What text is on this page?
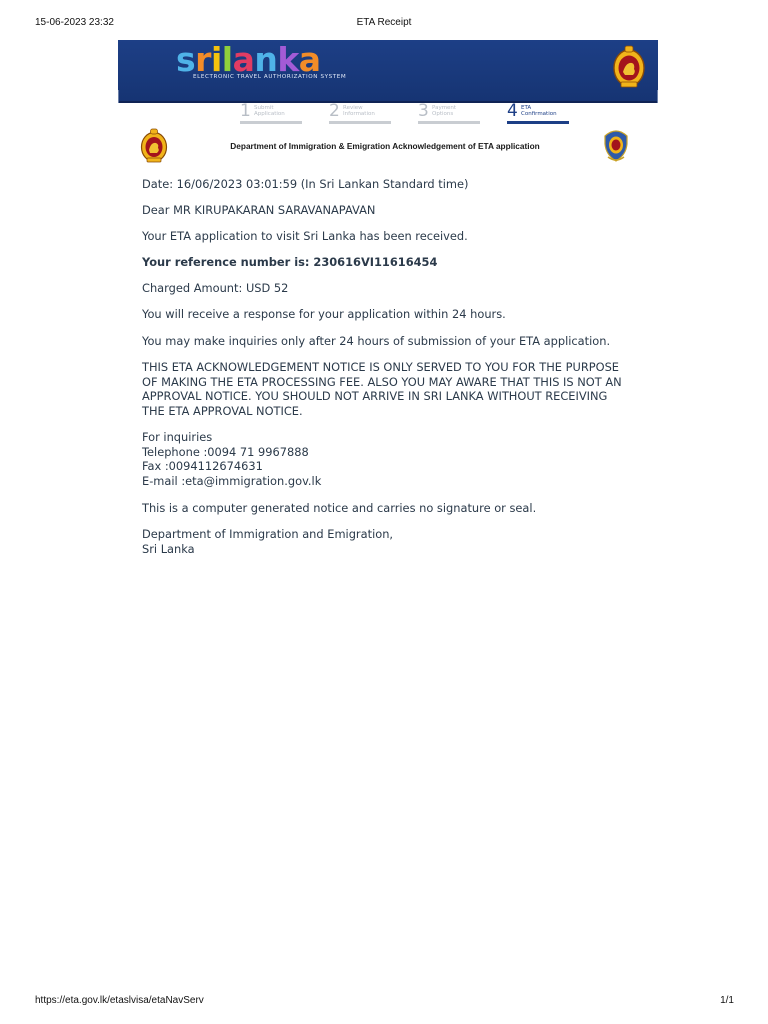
15-06-2023 23:32	ETA Receipt
srilanka
ELECTRONIC TRAVEL AUTHORIZATION SYSTEM
1 Submit
Application	2 Review
Information	3 Payment
Options	4 ETA
Confirmation
Department of Immigration & Emigration Acknowledgement of ETA application
Date: 16/06/2023 03:01:59 (In Sri Lankan Standard time)
Dear MR KIRUPAKARAN SARAVANAPAVAN
Your ETA application to visit Sri Lanka has been received.
Your reference number is: 230616VI11616454
Charged Amount: USD 52
You will receive a response for your application within 24 hours.
You may make inquiries only after 24 hours of submission of your ETA application.
THIS ETA ACKNOWLEDGEMENT NOTICE IS ONLY SERVED TO YOU FOR THE PURPOSE
OF MAKING THE ETA PROCESSING FEE. ALSO YOU MAY AWARE THAT THIS IS NOT AN
APPROVAL NOTICE. YOU SHOULD NOT ARRIVE IN SRI LANKA WITHOUT RECEIVING
THE ETA APPROVAL NOTICE.
For inquiries
Telephone :0094 71 9967888
Fax :0094112674631
E-mail :eta@immigration.gov.lk
This is a computer generated notice and carries no signature or seal.
Department of Immigration and Emigration,
Sri Lanka
https://eta.gov.lk/etaslvisa/etaNavServ	1/1
